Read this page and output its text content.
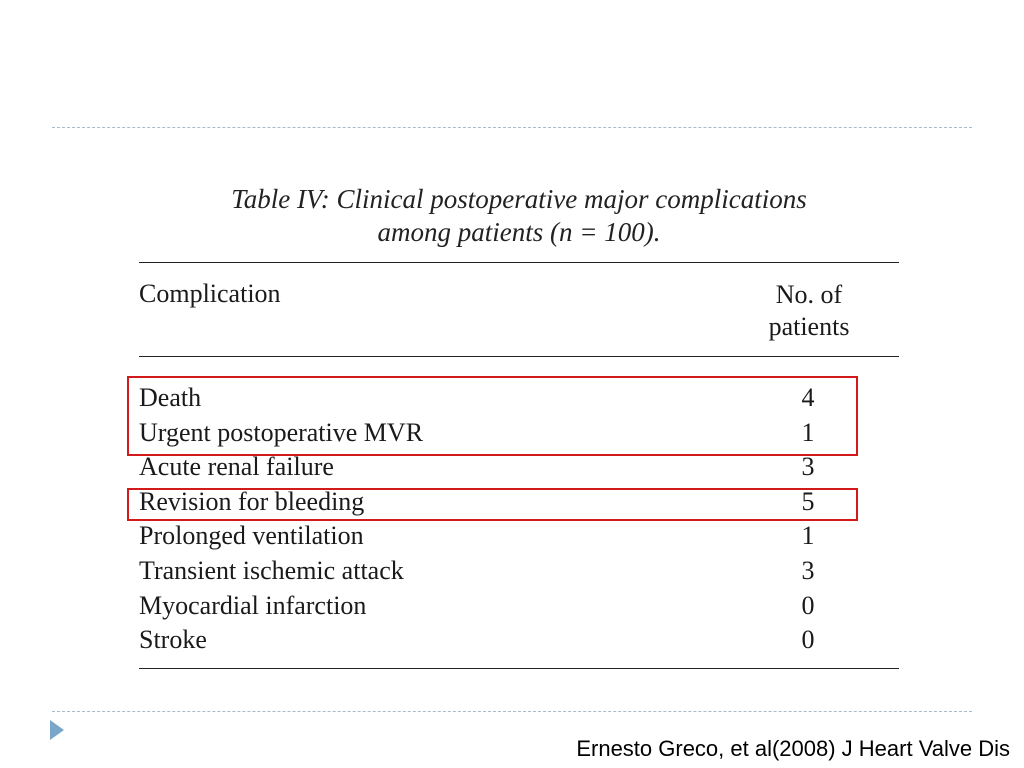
Table IV: Clinical postoperative major complications
among patients (n = 100).
Complication	No. of
patients
Death	4
Urgent postoperative MVR	1
Acute renal failure	3
Revision for bleeding	5
Prolonged ventilation	1
Transient ischemic attack	3
Myocardial infarction	0
Stroke	0
Ernesto Greco, et al(2008) J Heart Valve Dis
